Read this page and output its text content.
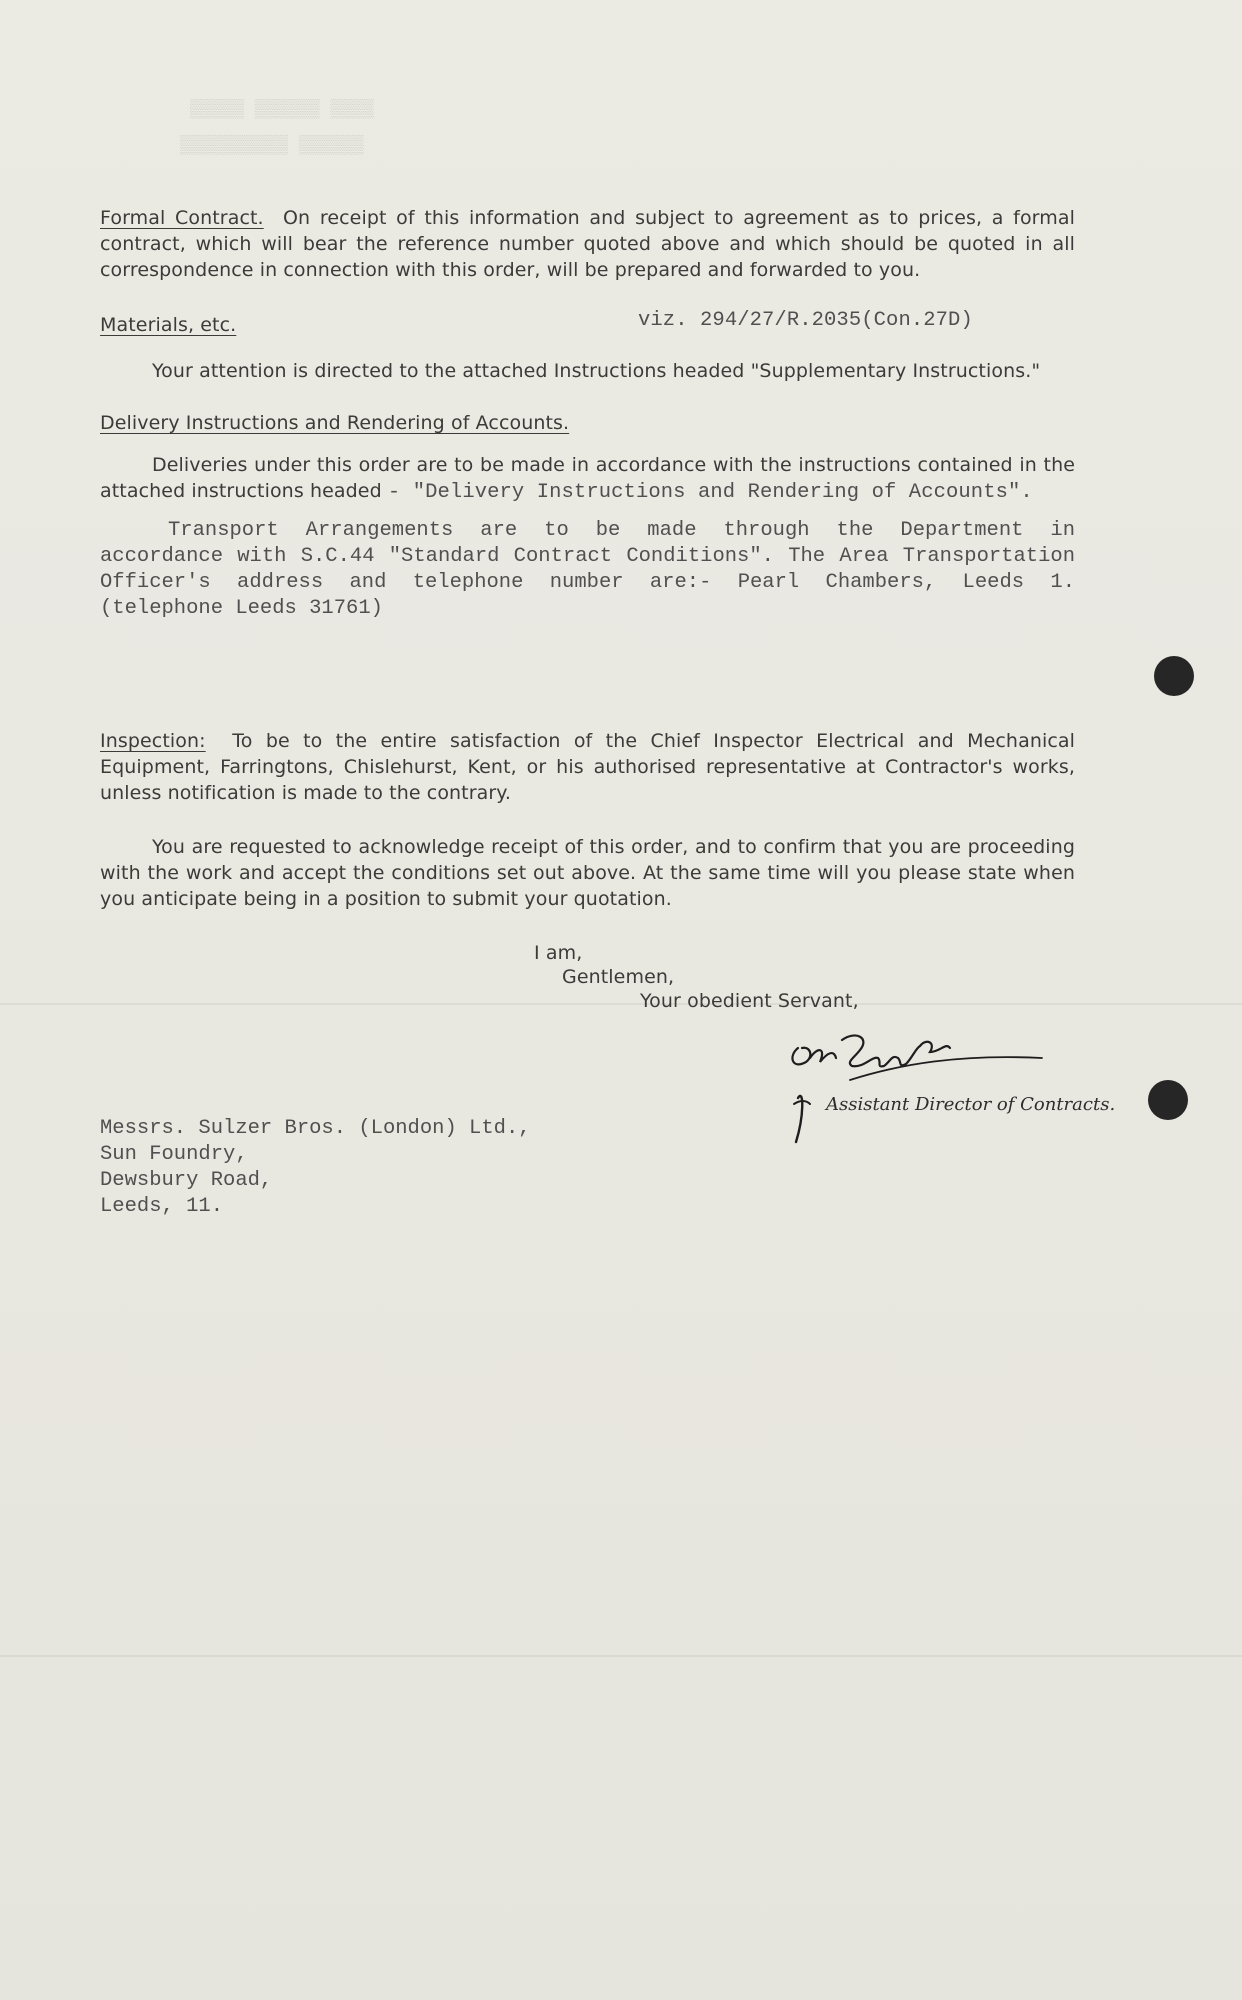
▒▒▒▒▒ ▒▒▒▒▒▒ ▒▒▒▒
▒▒▒▒▒▒▒▒▒▒ ▒▒▒▒▒▒
Formal Contract. On receipt of this information and subject to agreement as to prices, a formal contract, which will bear the reference number quoted above and which should be quoted in all correspondence in connection with this order, will be prepared and forwarded to you.
Materials, etc.	viz. 294/27/R.2035(Con.27D)
Your attention is directed to the attached Instructions headed "Supplementary Instructions."
Delivery Instructions and Rendering of Accounts.
Deliveries under this order are to be made in accordance with the instructions contained in the attached instructions headed - "Delivery Instructions and Rendering of Accounts".
Transport Arrangements are to be made through the Department in accordance with S.C.44 "Standard Contract Conditions". The Area Transportation Officer's address and telephone number are:- Pearl Chambers, Leeds 1. (telephone Leeds 31761)
Inspection: To be to the entire satisfaction of the Chief Inspector Electrical and Mechanical Equipment, Farringtons, Chislehurst, Kent, or his authorised representative at Contractor's works, unless notification is made to the contrary.
You are requested to acknowledge receipt of this order, and to confirm that you are proceeding with the work and accept the conditions set out above. At the same time will you please state when you anticipate being in a position to submit your quotation.
I am,
Gentlemen,
Your obedient Servant,
Assistant Director of Contracts.
Messrs. Sulzer Bros. (London) Ltd.,
Sun Foundry,
Dewsbury Road,
Leeds, 11.
